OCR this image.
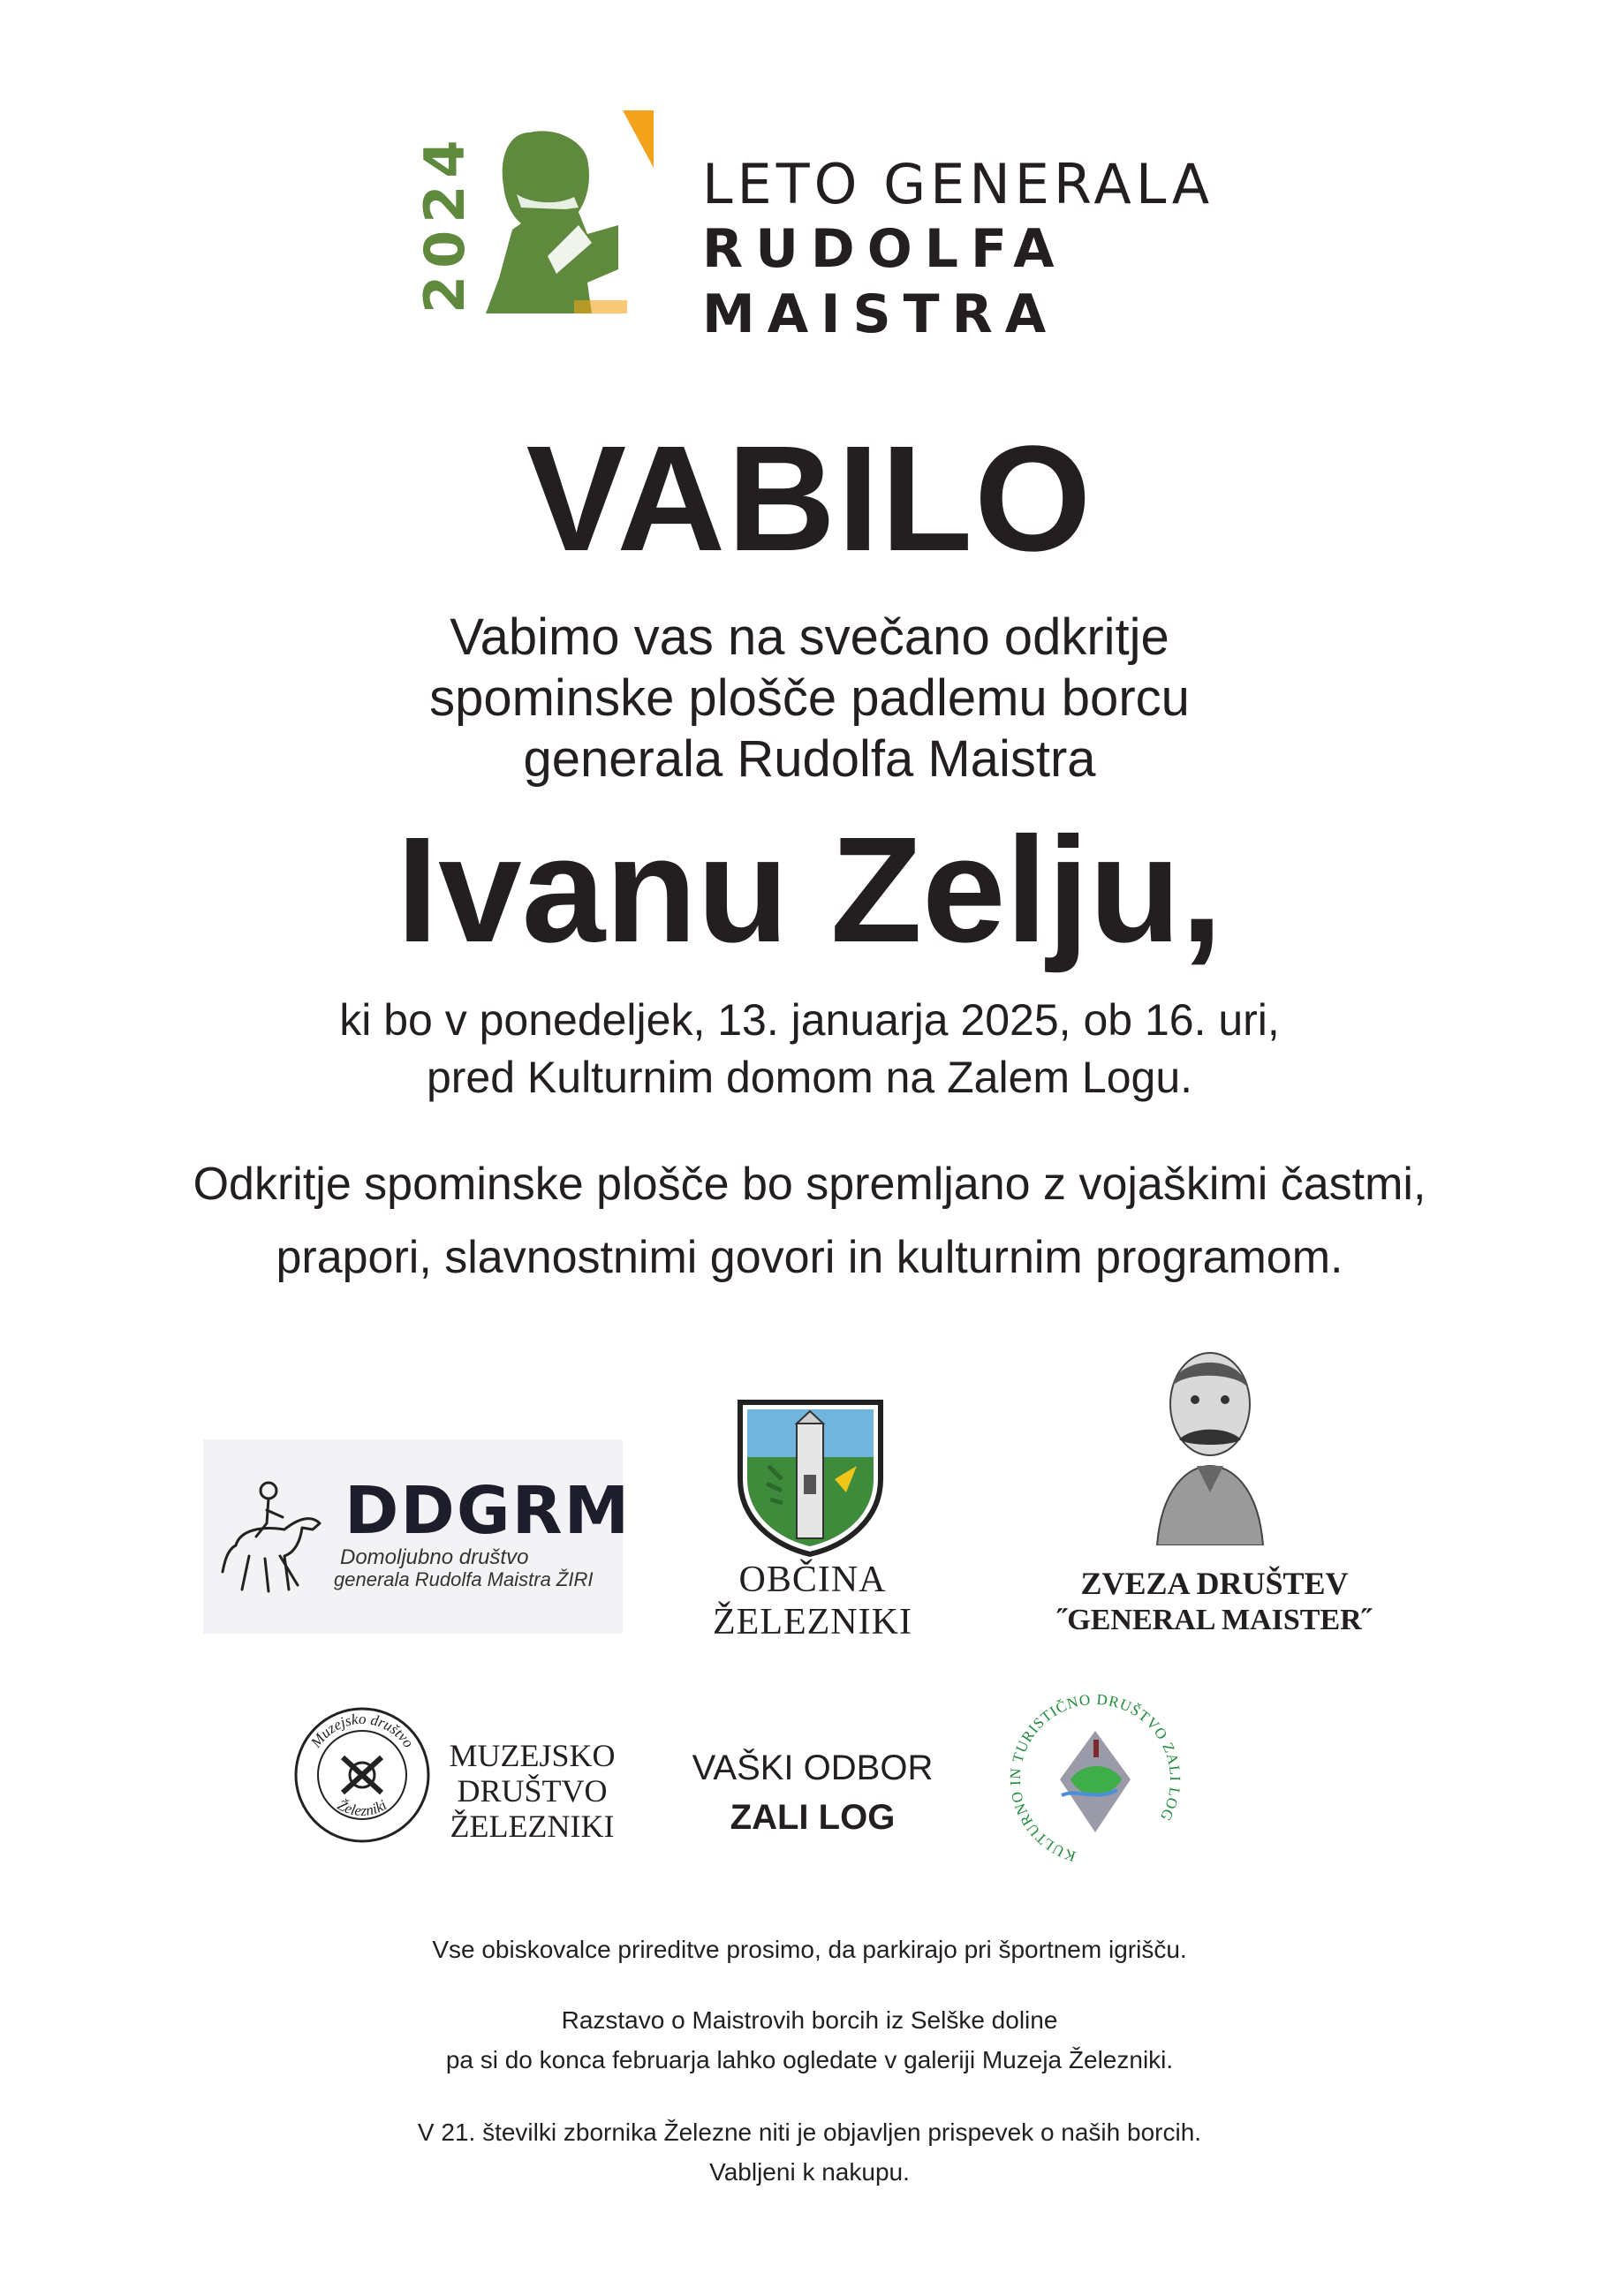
2024	LETO GENERALA
RUDOLFA
MAISTRA
VABILO
Vabimo vas na svečano odkritje
spominske plošče padlemu borcu
generala Rudolfa Maistra
Ivanu Zelju,
ki bo v ponedeljek, 13. januarja 2025, ob 16. uri,
pred Kulturnim domom na Zalem Logu.
Odkritje spominske plošče bo spremljano z vojaškimi častmi,
prapori, slavnostnimi govori in kulturnim programom.
DDGRM
Domoljubno društvo
generala Rudolfa Maistra ŽIRI	OBČINA
ŽELEZNIKI
ZVEZA DRUŠTEV
˝GENERAL MAISTER˝
Muzejsko društvo
Železniki
MUZEJSKO
DRUŠTVO
ŽELEZNIKI
VAŠKI ODBOR
ZALI LOG
KULTURNO IN TURISTIČNO DRUŠTVO ZALI LOG
Vse obiskovalce prireditve prosimo, da parkirajo pri športnem igrišču.
Razstavo o Maistrovih borcih iz Selške doline
pa si do konca februarja lahko ogledate v galeriji Muzeja Železniki.
V 21. številki zbornika Železne niti je objavljen prispevek o naših borcih.
Vabljeni k nakupu.
